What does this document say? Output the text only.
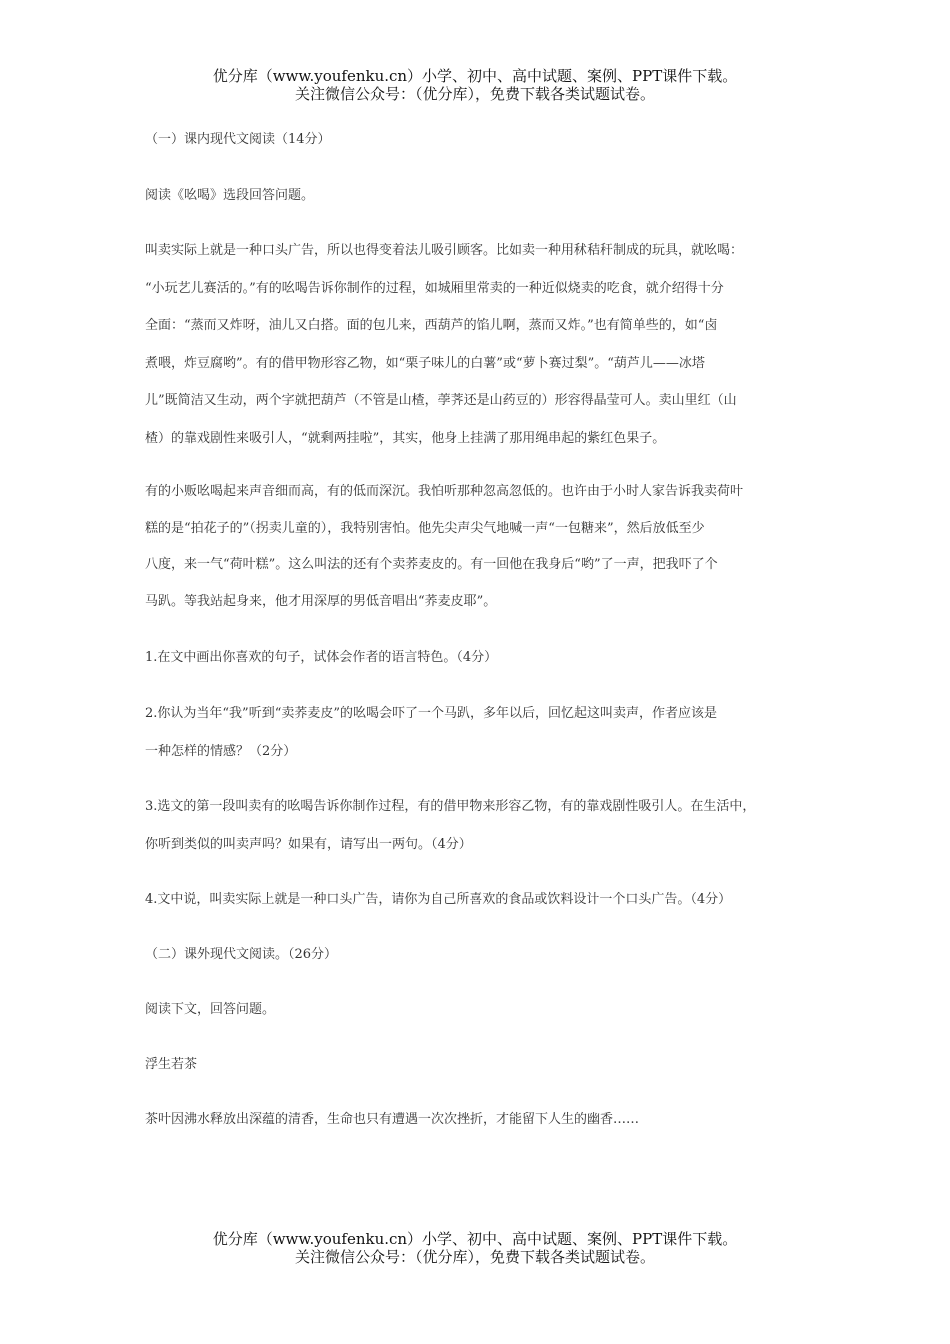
优分库（www.youfenku.cn）小学、初中、高中试题、案例、PPT课件下载。
关注微信公众号：（优分库），免费下载各类试题试卷。
（一）课内现代文阅读（14分）
阅读《吆喝》选段回答问题。
叫卖实际上就是一种口头广告，所以也得变着法儿吸引顾客。比如卖一种用秫秸秆制成的玩具，就吆喝：
“小玩艺儿赛活的。”有的吆喝告诉你制作的过程，如城厢里常卖的一种近似烧卖的吃食，就介绍得十分
全面：“蒸而又炸呀，油儿又白搭。面的包儿来，西葫芦的馅儿啊，蒸而又炸。”也有简单些的，如“卤
煮喂，炸豆腐哟”。有的借甲物形容乙物，如“栗子味儿的白薯”或“萝卜赛过梨”。“葫芦儿——冰塔
儿”既简洁又生动，两个字就把葫芦（不管是山楂，荸荠还是山药豆的）形容得晶莹可人。卖山里红（山
楂）的靠戏剧性来吸引人，“就剩两挂啦”，其实，他身上挂满了那用绳串起的紫红色果子。
有的小贩吆喝起来声音细而高，有的低而深沉。我怕听那种忽高忽低的。也许由于小时人家告诉我卖荷叶
糕的是“拍花子的”（拐卖儿童的），我特别害怕。他先尖声尖气地喊一声“一包糖来”，然后放低至少
八度，来一气“荷叶糕”。这么叫法的还有个卖荞麦皮的。有一回他在我身后“哟”了一声，把我吓了个
马趴。等我站起身来，他才用深厚的男低音唱出“荞麦皮耶”。
1.在文中画出你喜欢的句子，试体会作者的语言特色。（4分）
2.你认为当年“我”听到“卖荞麦皮”的吆喝会吓了一个马趴，多年以后，回忆起这叫卖声，作者应该是
一种怎样的情感？（2分）
3.选文的第一段叫卖有的吆喝告诉你制作过程，有的借甲物来形容乙物，有的靠戏剧性吸引人。在生活中，
你听到类似的叫卖声吗？如果有，请写出一两句。（4分）
4.文中说，叫卖实际上就是一种口头广告，请你为自己所喜欢的食品或饮料设计一个口头广告。（4分）
（二）课外现代文阅读。（26分）
阅读下文，回答问题。
浮生若茶
茶叶因沸水释放出深蕴的清香，生命也只有遭遇一次次挫折，才能留下人生的幽香……
优分库（www.youfenku.cn）小学、初中、高中试题、案例、PPT课件下载。
关注微信公众号：（优分库），免费下载各类试题试卷。
